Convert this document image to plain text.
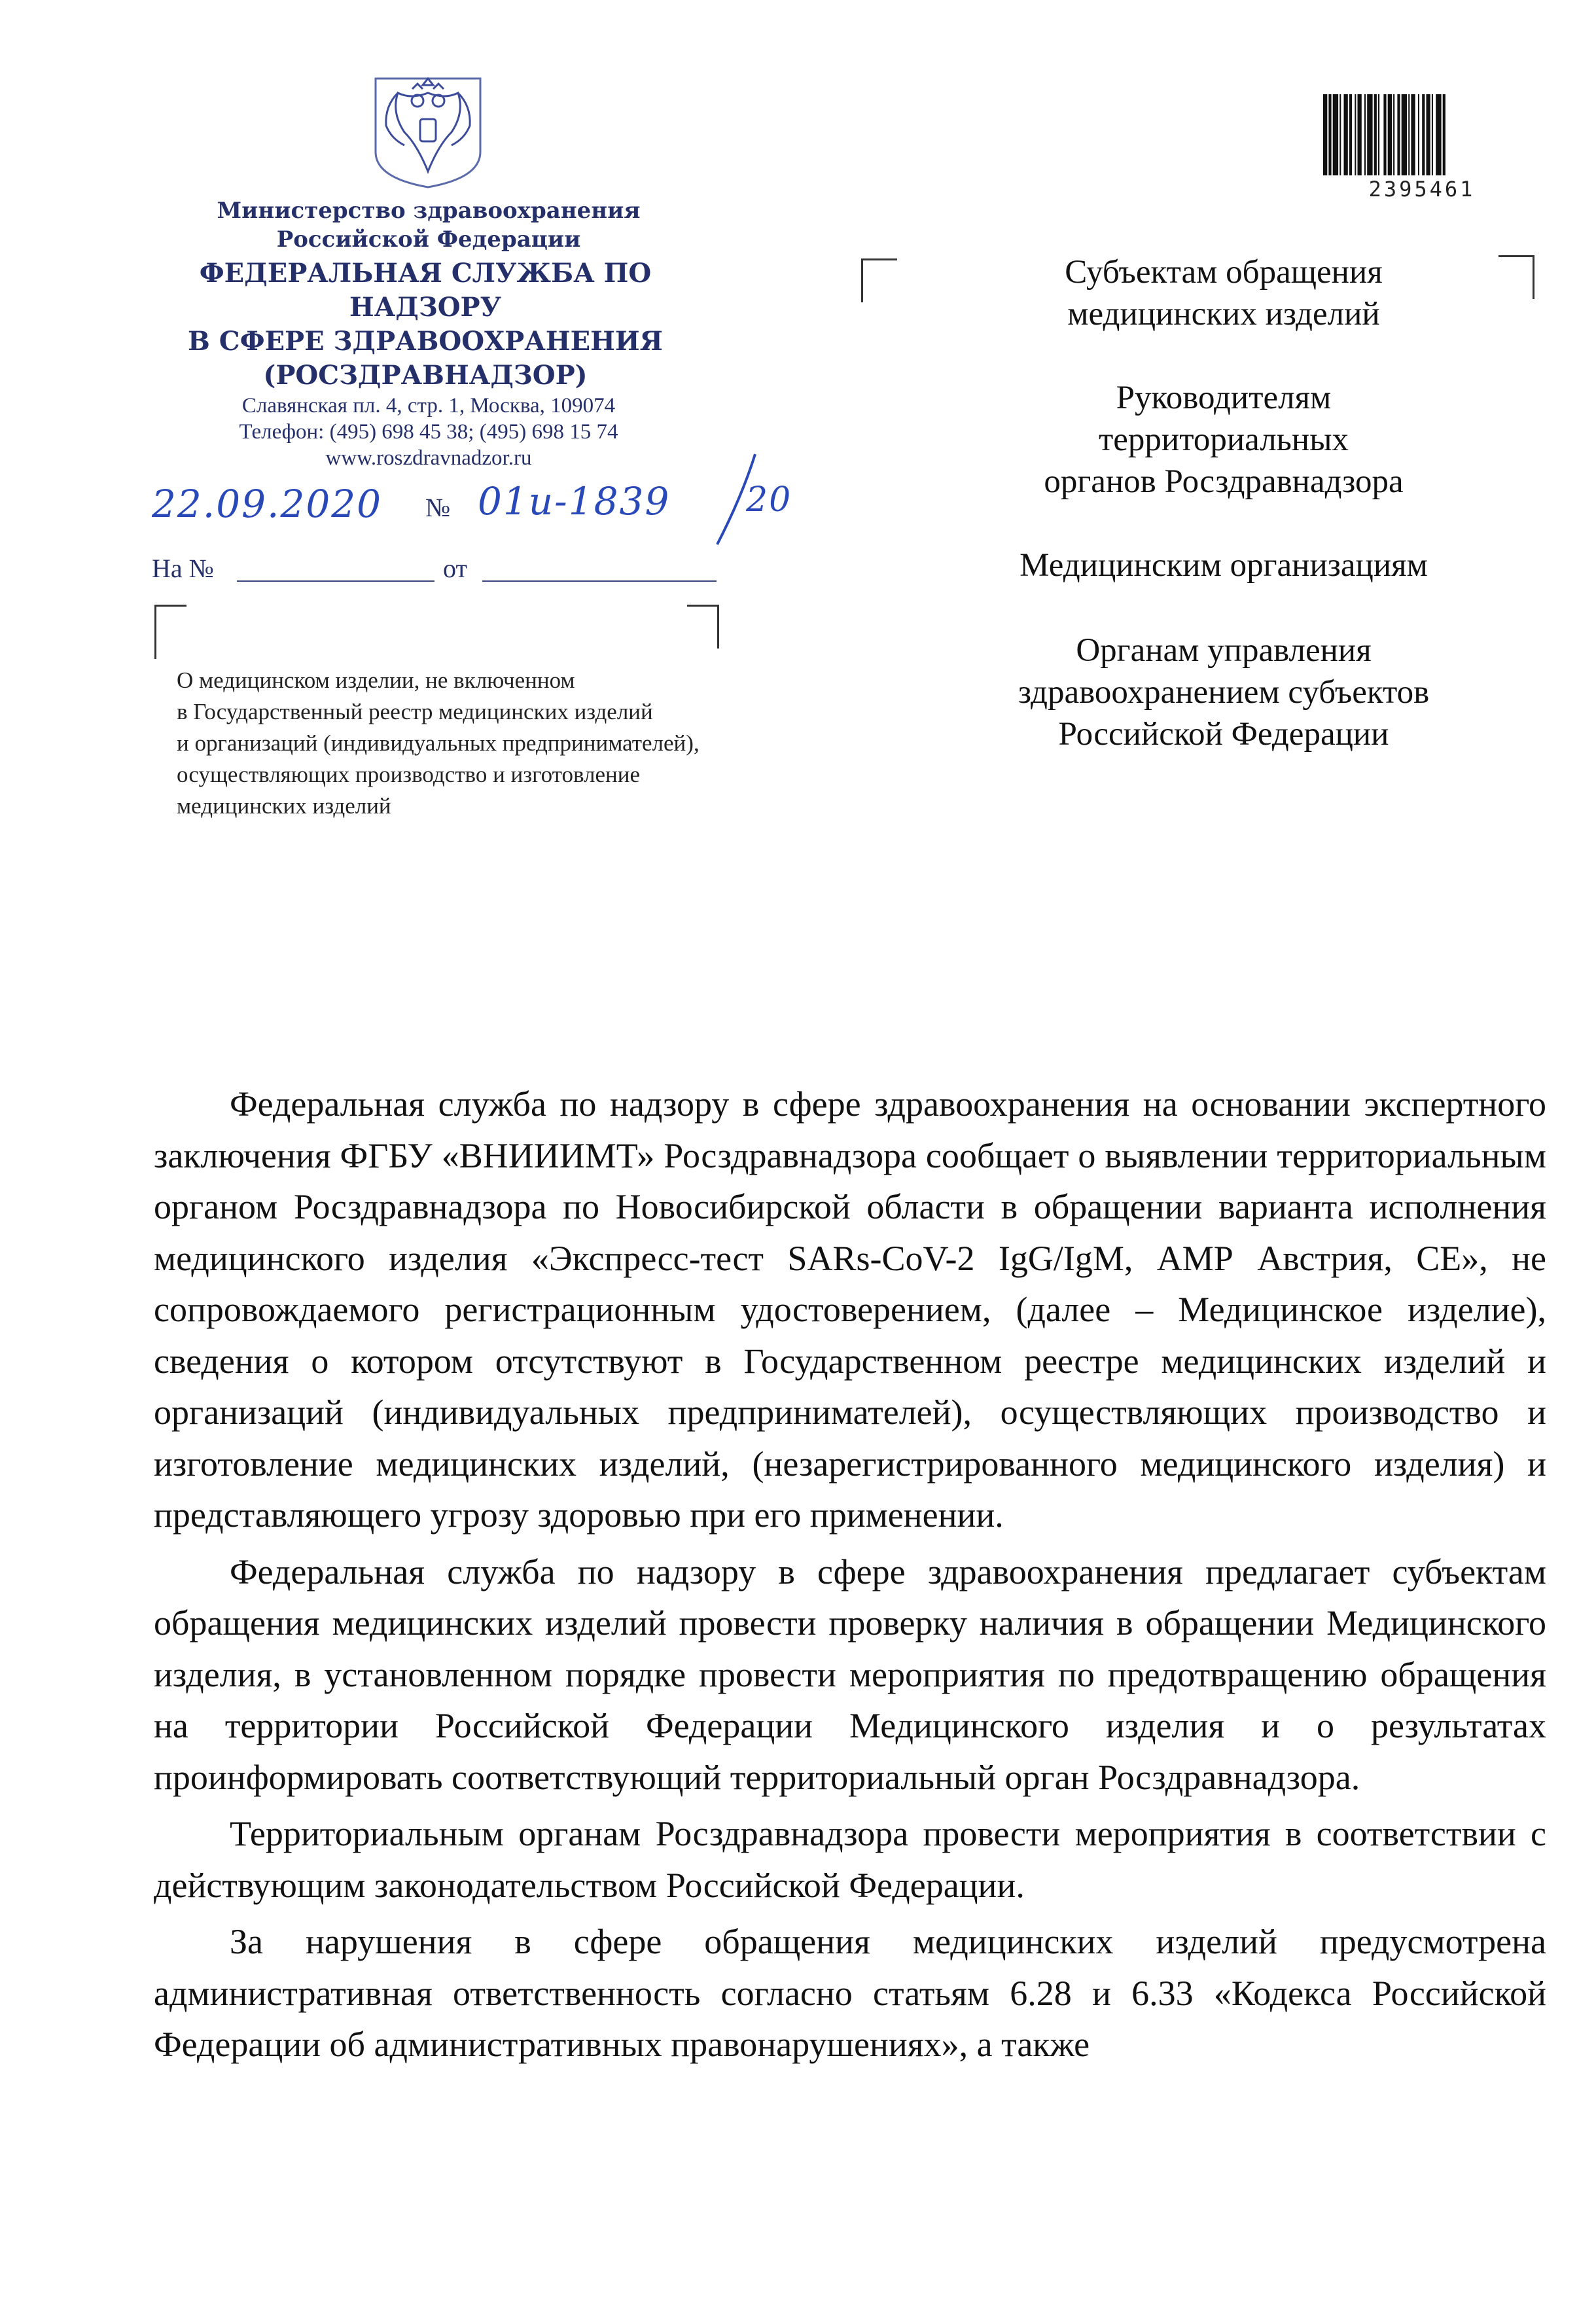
Министерство здравоохранения
Российской Федерации
ФЕДЕРАЛЬНАЯ СЛУЖБА ПО НАДЗОРУ
В СФЕРЕ ЗДРАВООХРАНЕНИЯ
(РОСЗДРАВНАДЗОР)
Славянская пл. 4, стр. 1, Москва, 109074
Телефон: (495) 698 45 38; (495) 698 15 74
www.roszdravnadzor.ru
22.09.2020 № 01и-1839 20
На №	от
О медицинском изделии, не включенном
в Государственный реестр медицинских изделий
и организаций (индивидуальных предпринимателей),
осуществляющих производство и изготовление
медицинских изделий
2395461
Субъектам обращения
медицинских изделий
Руководителям
территориальных
органов Росздравнадзора
Медицинским организациям
Органам управления
здравоохранением субъектов
Российской Федерации

Федеральная служба по надзору в сфере здравоохранения на основании экспертного заключения ФГБУ «ВНИИИМТ» Росздравнадзора сообщает о выявлении территориальным органом Росздравнадзора по Новосибирской области в обращении варианта исполнения медицинского изделия «Экспресс-тест SARs-CoV-2 IgG/IgM, АМР Австрия, СЕ», не сопровождаемого регистрационным удостоверением, (далее – Медицинское изделие), сведения о котором отсутствуют в Государственном реестре медицинских изделий и организаций (индивидуальных предпринимателей), осуществляющих производство и изготовление медицинских изделий, (незарегистрированного медицинского изделия) и представляющего угрозу здоровью при его применении.

Федеральная служба по надзору в сфере здравоохранения предлагает субъектам обращения медицинских изделий провести проверку наличия в обращении Медицинского изделия, в установленном порядке провести мероприятия по предотвращению обращения на территории Российской Федерации Медицинского изделия и о результатах проинформировать соответствующий территориальный орган Росздравнадзора.

Территориальным органам Росздравнадзора провести мероприятия в соответствии с действующим законодательством Российской Федерации.

За нарушения в сфере обращения медицинских изделий предусмотрена административная ответственность согласно статьям 6.28 и 6.33 «Кодекса Российской Федерации об административных правонарушениях», а также
